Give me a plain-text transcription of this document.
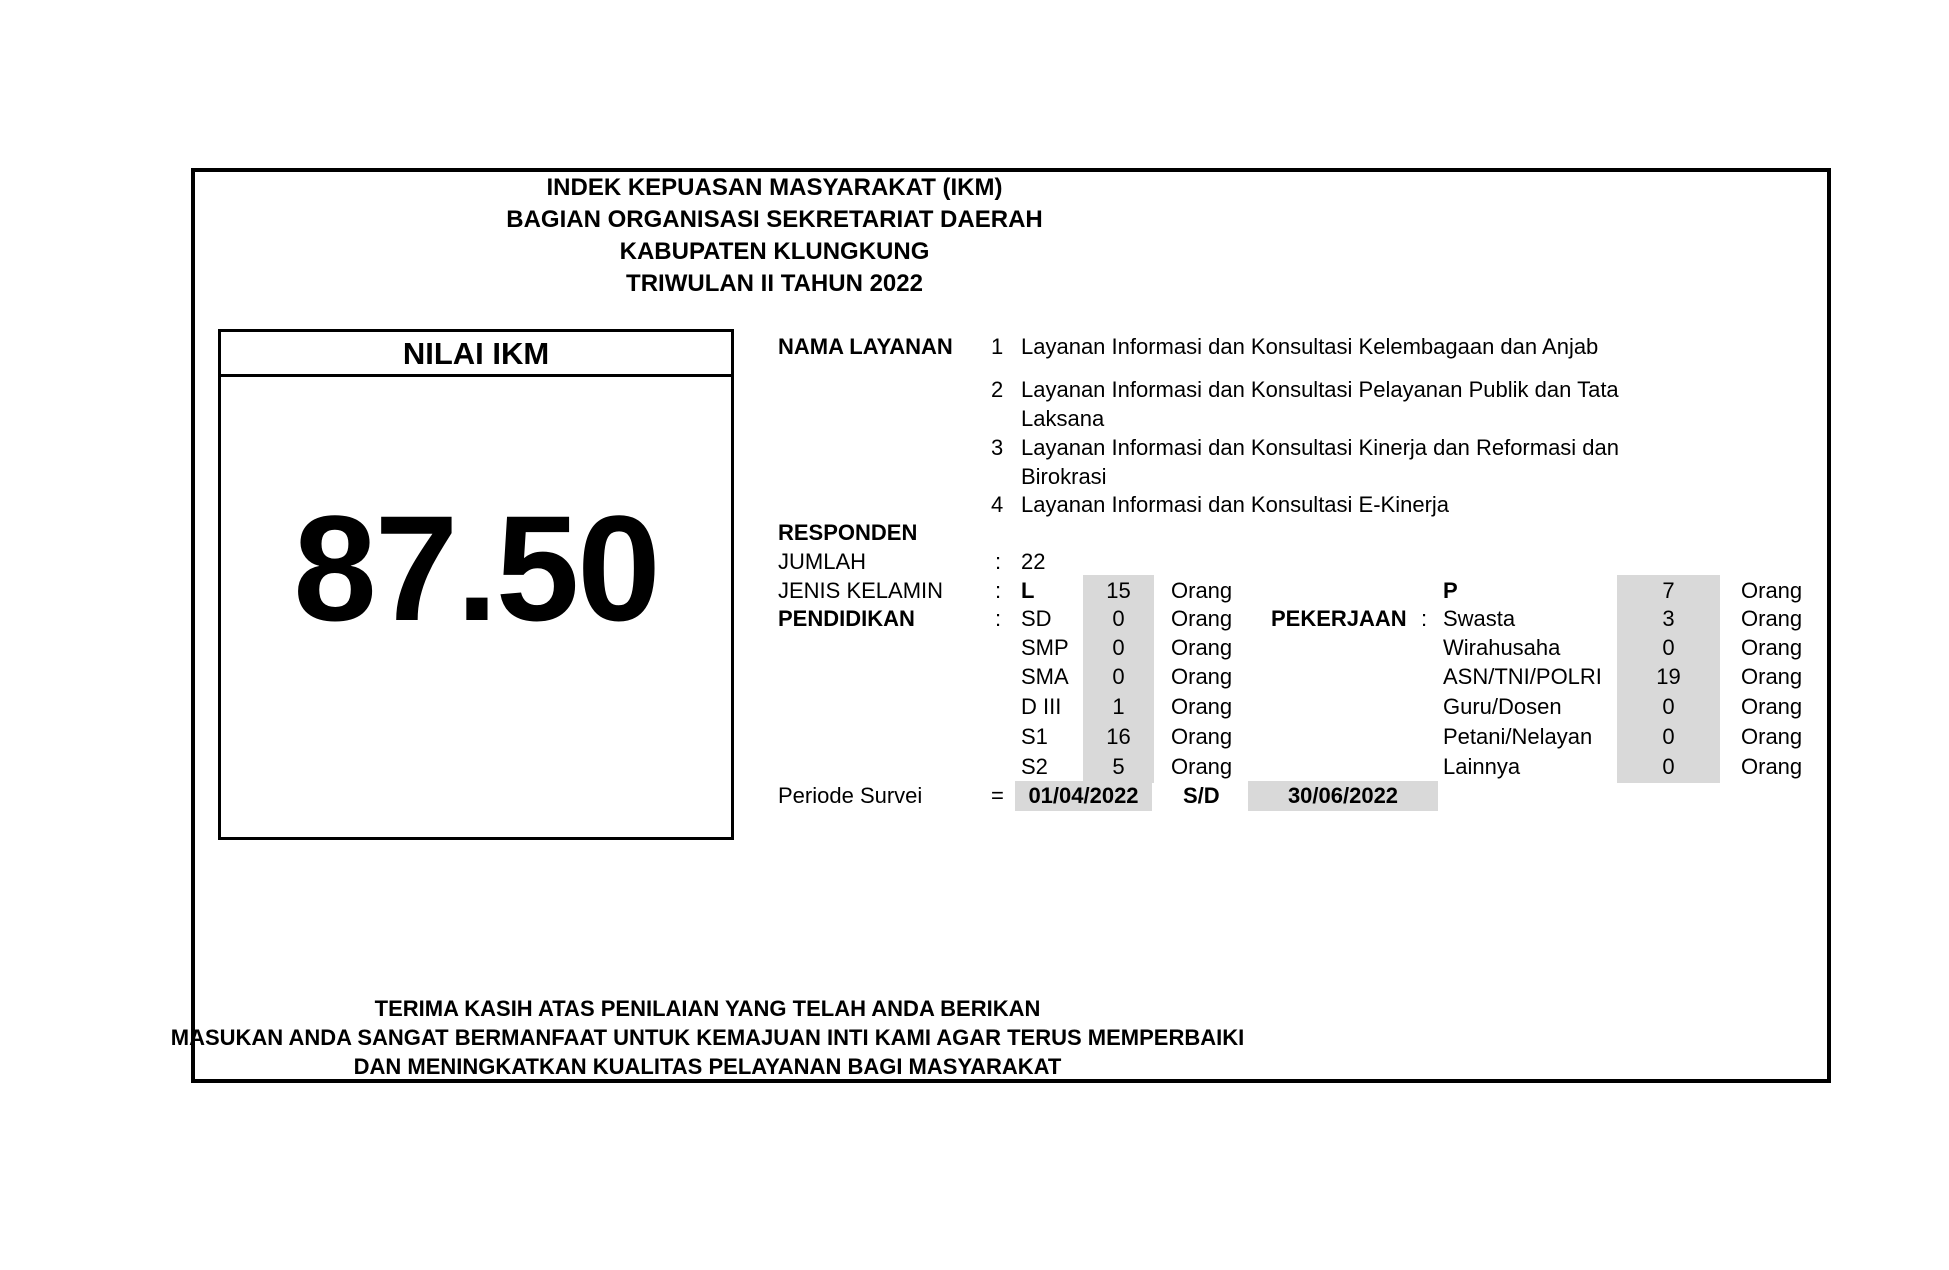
INDEK KEPUASAN MASYARAKAT (IKM)
BAGIAN ORGANISASI SEKRETARIAT DAERAH
KABUPATEN KLUNGKUNG
TRIWULAN II TAHUN 2022
NILAI IKM
87.50
NAMA LAYANAN 1 Layanan Informasi dan Konsultasi Kelembagaan dan Anjab
2 Layanan Informasi dan Konsultasi Pelayanan Publik dan Tata
Laksana
3 Layanan Informasi dan Konsultasi Kinerja dan Reformasi dan
Birokrasi
4 Layanan Informasi dan Konsultasi E-Kinerja
RESPONDEN
JUMLAH	: 22
JENIS KELAMIN : L	15	Orang	P	7	Orang
PENDIDIKAN	:	PEKERJAAN :
SD	0	Orang	Swasta	3	Orang
SMP	0	Orang	Wirahusaha	0	Orang
SMA	0	Orang	ASN/TNI/POLRI	19	Orang
D III	1	Orang	Guru/Dosen	0	Orang
S1	16	Orang	Petani/Nelayan	0	Orang
S2	5	Orang	Lainnya	0	Orang
Periode Survei	=	01/04/2022	S/D	30/06/2022
TERIMA KASIH ATAS PENILAIAN YANG TELAH ANDA BERIKAN
MASUKAN ANDA SANGAT BERMANFAAT UNTUK KEMAJUAN INTI KAMI AGAR TERUS MEMPERBAIKI
DAN MENINGKATKAN KUALITAS PELAYANAN BAGI MASYARAKAT
